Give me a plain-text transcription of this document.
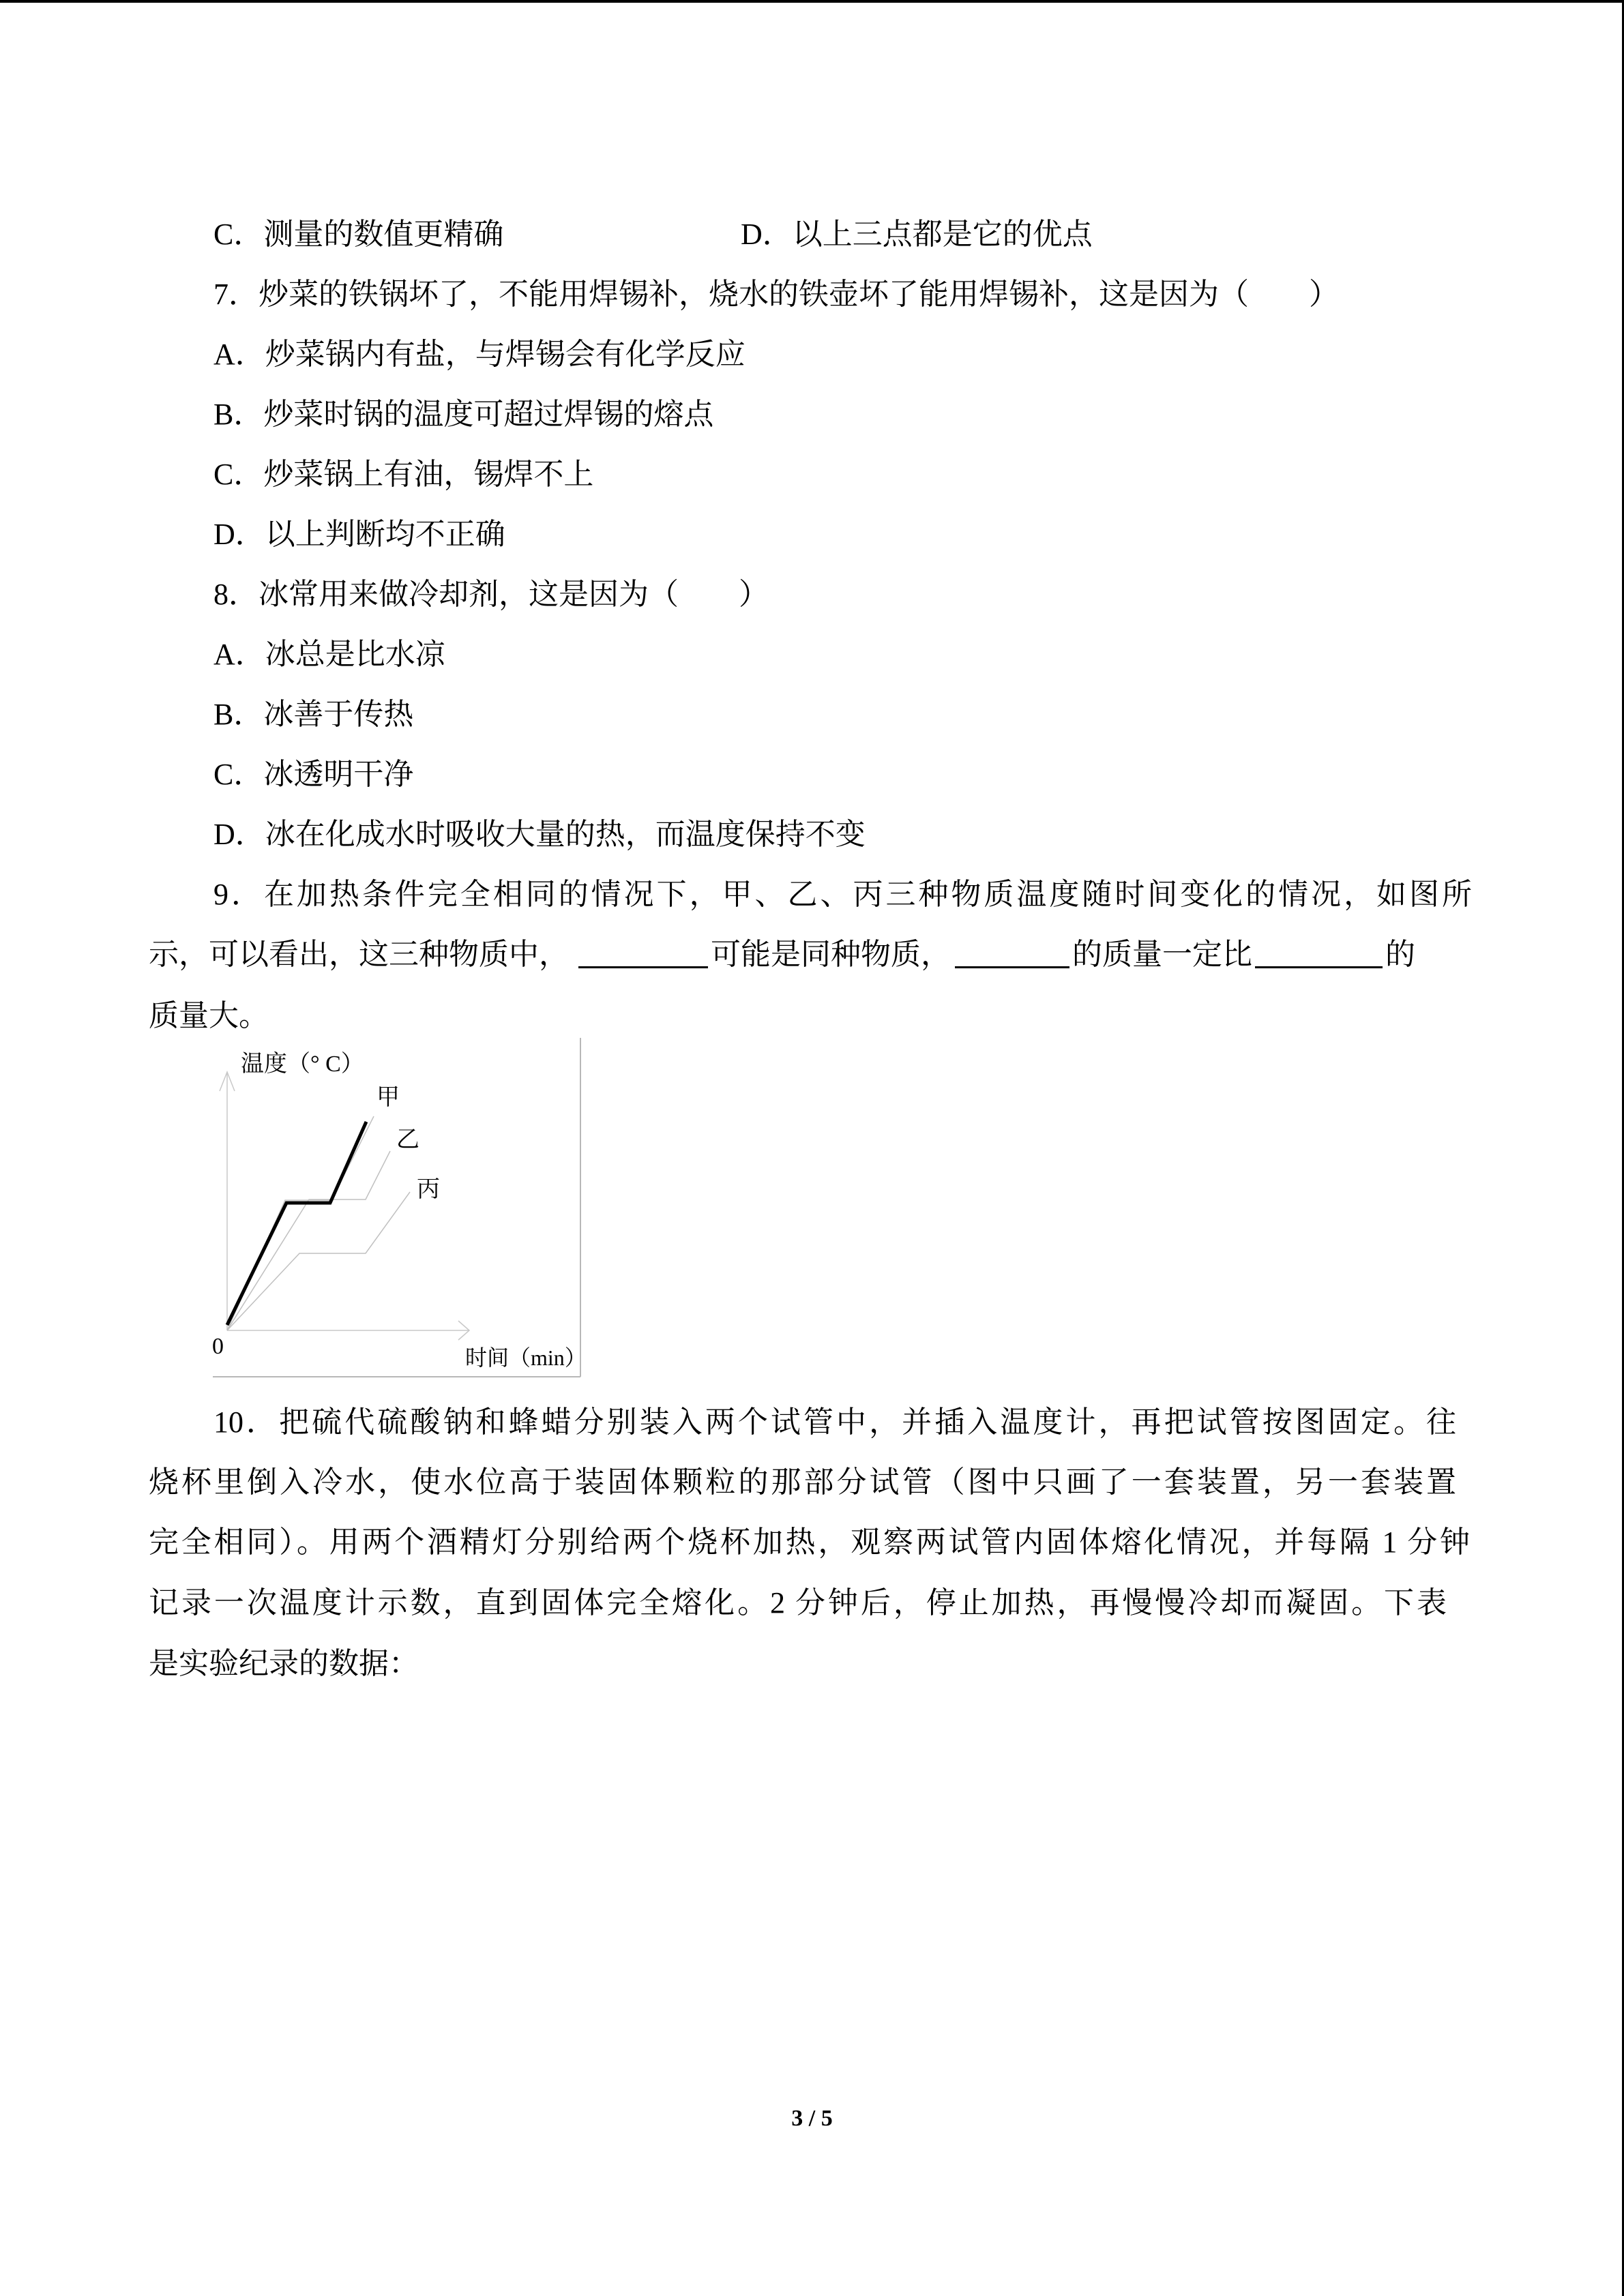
C．测量的数值更精确	D．以上三点都是它的优点
7．炒菜的铁锅坏了，不能用焊锡补，烧水的铁壶坏了能用焊锡补，这是因为（　　）
A．炒菜锅内有盐，与焊锡会有化学反应
B．炒菜时锅的温度可超过焊锡的熔点
C．炒菜锅上有油，锡焊不上
D．以上判断均不正确
8．冰常用来做冷却剂，这是因为（　　）
A．冰总是比水凉
B．冰善于传热
C．冰透明干净
D．冰在化成水时吸收大量的热，而温度保持不变
9．在加热条件完全相同的情况下，甲、乙、丙三种物质温度随时间变化的情况，如图所
示，可以看出，这三种物质中，	可能是同种物质，	的质量一定比	的
质量大。
温度（° C）
甲
乙
丙
0	时间（min）
10．把硫代硫酸钠和蜂蜡分别装入两个试管中，并插入温度计，再把试管按图固定。往
烧杯里倒入冷水，使水位高于装固体颗粒的那部分试管（图中只画了一套装置，另一套装置
完全相同）。用两个酒精灯分别给两个烧杯加热，观察两试管内固体熔化情况，并每隔 1 分钟
记录一次温度计示数，直到固体完全熔化。2 分钟后，停止加热，再慢慢冷却而凝固。下表
是实验纪录的数据：
3 / 5
